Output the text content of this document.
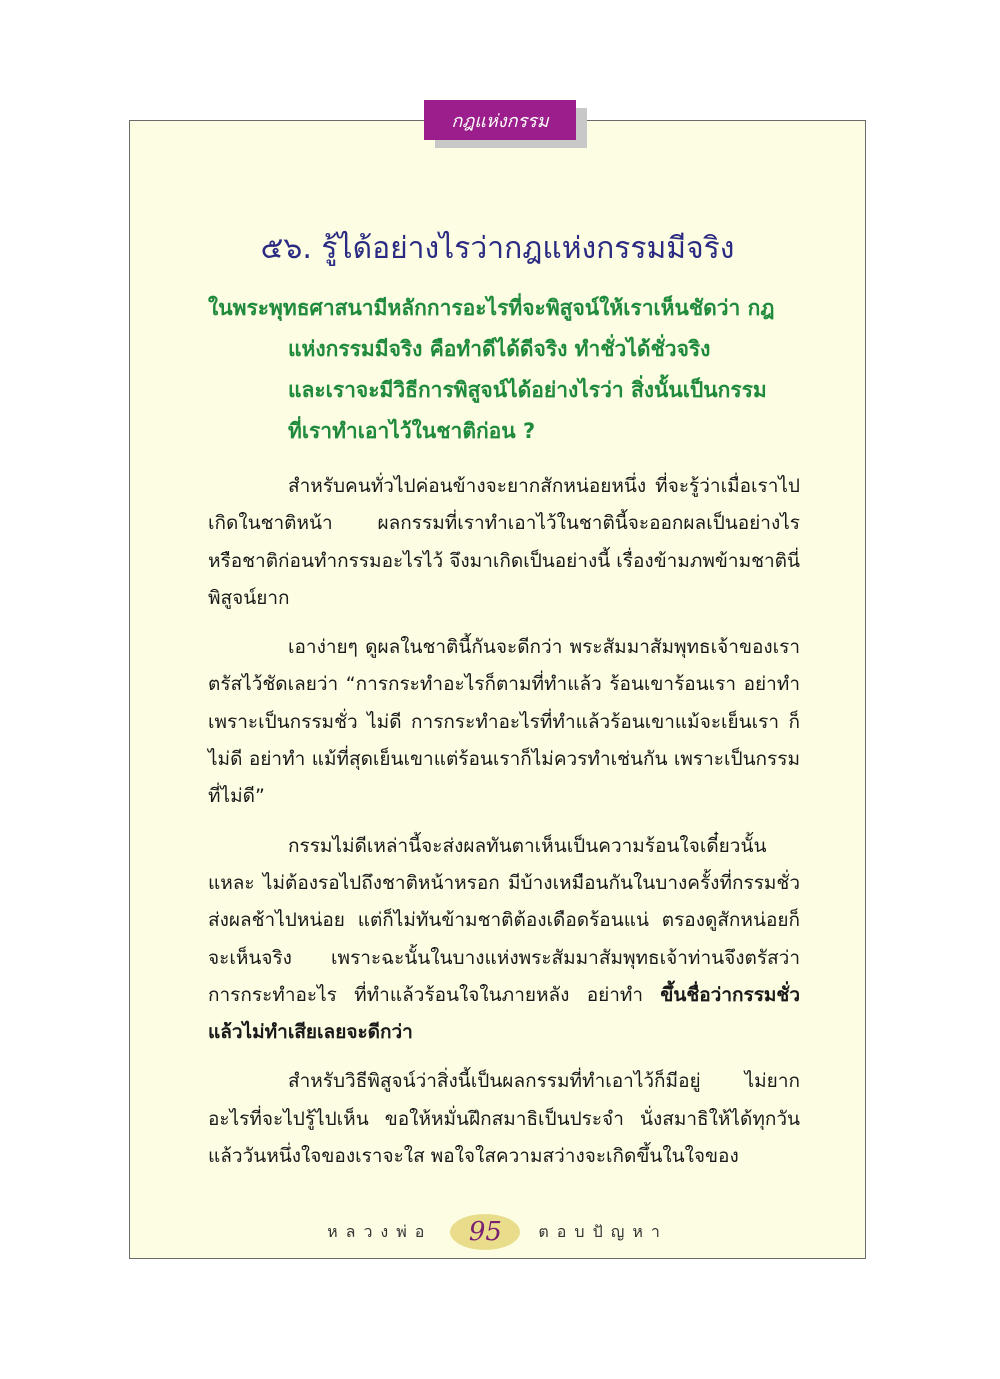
กฎแห่งกรรม
๕๖. รู้ได้อย่างไรว่ากฎแห่งกรรมมีจริง
ในพระพุทธศาสนามีหลักการอะไรที่จะพิสูจน์ให้เราเห็นชัดว่า กฎ
แห่งกรรมมีจริง คือทำดีได้ดีจริง ทำชั่วได้ชั่วจริง
และเราจะมีวิธีการพิสูจน์ได้อย่างไรว่า สิ่งนั้นเป็นกรรม
ที่เราทำเอาไว้ในชาติก่อน ?

สำหรับคนทั่วไปค่อนข้างจะยากสักหน่อยหนึ่ง ที่จะรู้ว่าเมื่อเราไปเกิดในชาติหน้า ผลกรรมที่เราทำเอาไว้ในชาตินี้จะออกผลเป็นอย่างไร หรือชาติก่อนทำกรรมอะไรไว้ จึงมาเกิดเป็นอย่างนี้ เรื่องข้ามภพข้ามชาตินี่พิสูจน์ยาก

เอาง่ายๆ ดูผลในชาตินี้กันจะดีกว่า พระสัมมาสัมพุทธเจ้าของเราตรัสไว้ชัดเลยว่า “การกระทำอะไรก็ตามที่ทำแล้ว ร้อนเขาร้อนเรา อย่าทำ เพราะเป็นกรรมชั่ว ไม่ดี การกระทำอะไรที่ทำแล้วร้อนเขาแม้จะเย็นเรา ก็ไม่ดี อย่าทำ แม้ที่สุดเย็นเขาแต่ร้อนเราก็ไม่ควรทำเช่นกัน เพราะเป็นกรรมที่ไม่ดี”

กรรมไม่ดีเหล่านี้จะส่งผลทันตาเห็นเป็นความร้อนใจเดี๋ยวนั้นแหละ ไม่ต้องรอไปถึงชาติหน้าหรอก มีบ้างเหมือนกันในบางครั้งที่กรรมชั่วส่งผลช้าไปหน่อย แต่ก็ไม่ทันข้ามชาติต้องเดือดร้อนแน่ ตรองดูสักหน่อยก็จะเห็นจริง เพราะฉะนั้นในบางแห่งพระสัมมาสัมพุทธเจ้าท่านจึงตรัสว่า การกระทำอะไร ที่ทำแล้วร้อนใจในภายหลัง อย่าทำ ขึ้นชื่อว่ากรรมชั่วแล้วไม่ทำเสียเลยจะดีกว่า

สำหรับวิธีพิสูจน์ว่าสิ่งนี้เป็นผลกรรมที่ทำเอาไว้ก็มีอยู่ ไม่ยากอะไรที่จะไปรู้ไปเห็น ขอให้หมั่นฝึกสมาธิเป็นประจำ นั่งสมาธิให้ได้ทุกวัน แล้ววันหนึ่งใจของเราจะใส พอใจใสความสว่างจะเกิดขึ้นในใจของ

หลวงพ่อ	95	ตอบปัญหา
